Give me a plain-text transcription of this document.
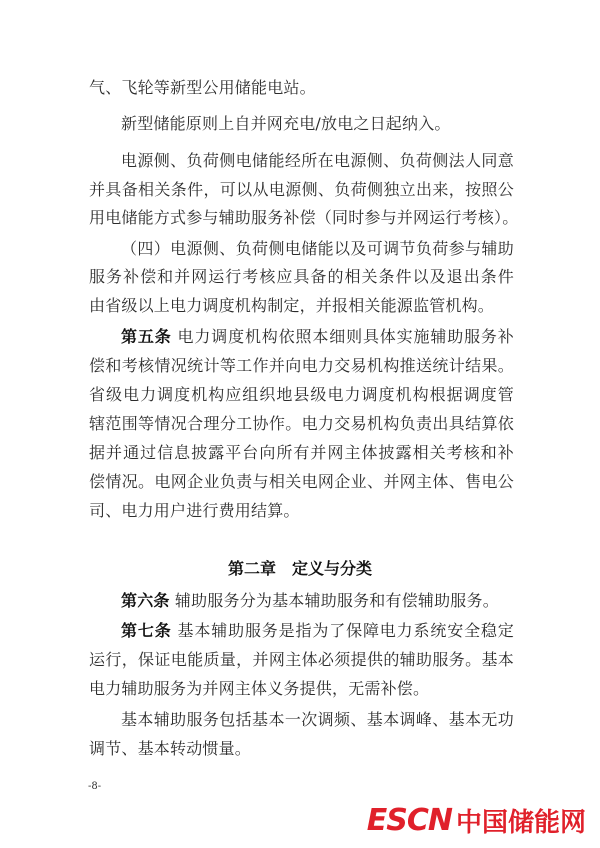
气、飞轮等新型公用储能电站。
新型储能原则上自并网充电/放电之日起纳入。
电源侧、负荷侧电储能经所在电源侧、负荷侧法人同意
并具备相关条件，可以从电源侧、负荷侧独立出来，按照公
用电储能方式参与辅助服务补偿（同时参与并网运行考核）。
（四）电源侧、负荷侧电储能以及可调节负荷参与辅助
服务补偿和并网运行考核应具备的相关条件以及退出条件
由省级以上电力调度机构制定，并报相关能源监管机构。
第五条 电力调度机构依照本细则具体实施辅助服务补
偿和考核情况统计等工作并向电力交易机构推送统计结果。
省级电力调度机构应组织地县级电力调度机构根据调度管
辖范围等情况合理分工协作。电力交易机构负责出具结算依
据并通过信息披露平台向所有并网主体披露相关考核和补
偿情况。电网企业负责与相关电网企业、并网主体、售电公
司、电力用户进行费用结算。
第二章　定义与分类
第六条 辅助服务分为基本辅助服务和有偿辅助服务。
第七条 基本辅助服务是指为了保障电力系统安全稳定
运行，保证电能质量，并网主体必须提供的辅助服务。基本
电力辅助服务为并网主体义务提供，无需补偿。
基本辅助服务包括基本一次调频、基本调峰、基本无功
调节、基本转动惯量。
-8-
ESCN 中国储能网
